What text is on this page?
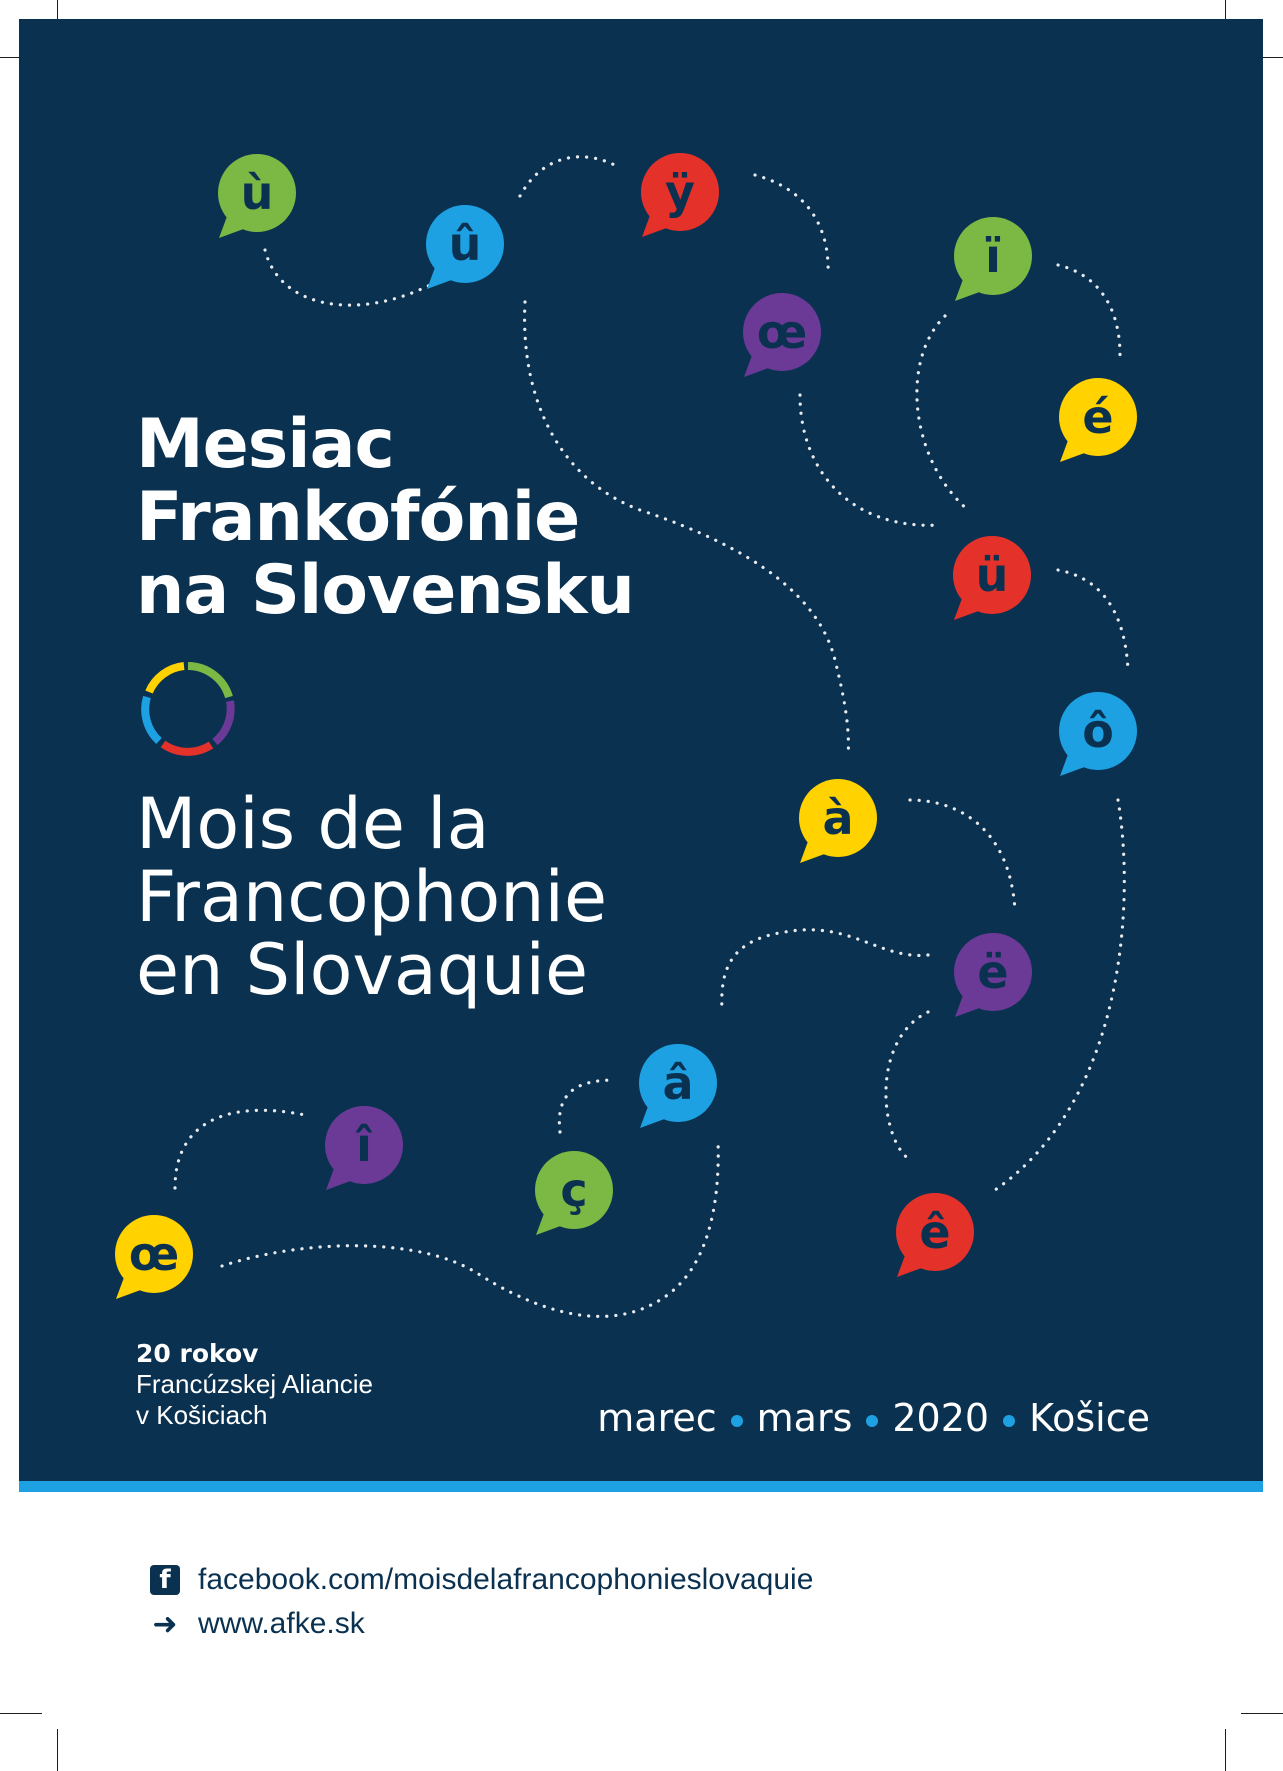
Mesiac
Frankofónie
na Slovensku
Mois de la
Francophonie
en Slovaquie
ù
û
ÿ
œ
ï
é
ü
ô
à
ë
â
î
ç
œ	ê
20 rokov
Francúzskej Aliancie
v Košiciach	marec mars 2020 Košice
f facebook.com/moisdelafrancophonieslovaquie
➜ www.afke.sk
